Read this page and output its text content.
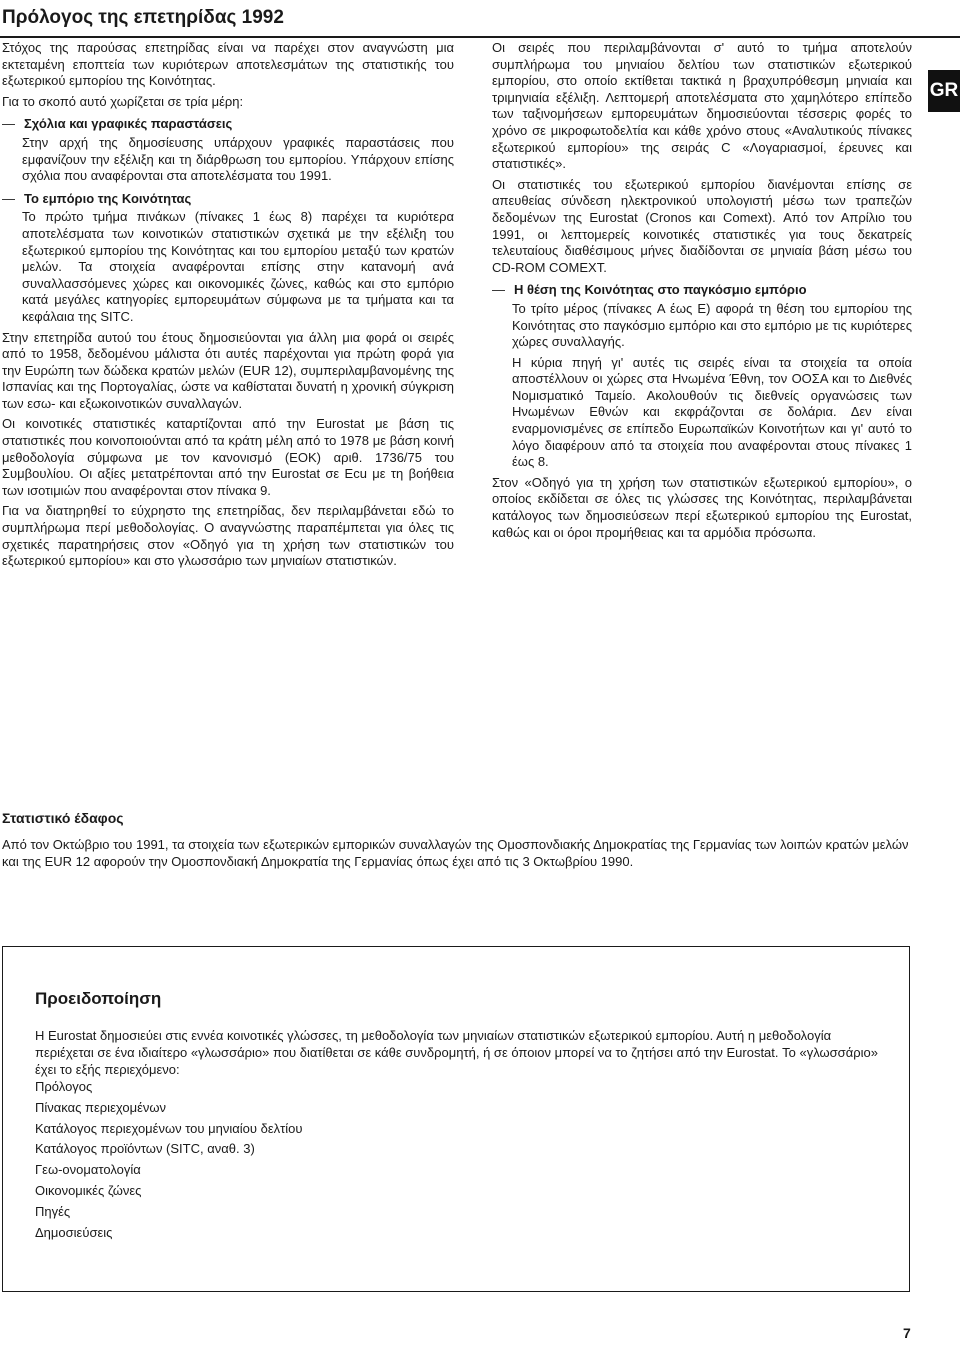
Πρόλογος της επετηρίδας 1992
GR

Στόχος της παρούσας επετηρίδας είναι να παρέχει στον αναγνώστη μια εκτεταμένη εποπτεία των κυριότερων αποτελεσμάτων της στατιστικής του εξωτερικού εμπορίου της Κοινότητας.

Για το σκοπό αυτό χωρίζεται σε τρία μέρη:

— Σχόλια και γραφικές παραστάσεις

Στην αρχή της δημοσίευσης υπάρχουν γραφικές παραστάσεις που εμφανίζουν την εξέλιξη και τη διάρθρωση του εμπορίου. Υπάρχουν επίσης σχόλια που αναφέρονται στα αποτελέσματα του 1991.

— Το εμπόριο της Κοινότητας

Το πρώτο τμήμα πινάκων (πίνακες 1 έως 8) παρέχει τα κυριότερα αποτελέσματα των κοινοτικών στατιστικών σχετικά με την εξέλιξη του εξωτερικού εμπορίου της Κοινότητας και του εμπορίου μεταξύ των κρατών μελών. Τα στοιχεία αναφέρονται επίσης στην κατανομή ανά συναλλασσόμενες χώρες και οικονομικές ζώνες, καθώς και στο εμπόριο κατά μεγάλες κατηγορίες εμπορευμάτων σύμφωνα με τα τμήματα και τα κεφάλαια της SITC.

Στην επετηρίδα αυτού του έτους δημοσιεύονται για άλλη μια φορά οι σειρές από το 1958, δεδομένου μάλιστα ότι αυτές παρέχονται για πρώτη φορά για την Ευρώπη των δώδεκα κρατών μελών (EUR 12), συμπεριλαμβανομένης της Ισπανίας και της Πορτογαλίας, ώστε να καθίσταται δυνατή η χρονική σύγκριση των εσω- και εξωκοινοτικών συναλλαγών.

Οι κοινοτικές στατιστικές καταρτίζονται από την Eurostat με βάση τις στατιστικές που κοινοποιούνται από τα κράτη μέλη από το 1978 με βάση κοινή μεθοδολογία σύμφωνα με τον κανονισμό (ΕΟΚ) αριθ. 1736/75 του Συμβουλίου. Οι αξίες μετατρέπονται από την Eurostat σε Ecu με τη βοήθεια των ισοτιμιών που αναφέρονται στον πίνακα 9.

Για να διατηρηθεί το εύχρηστο της επετηρίδας, δεν περιλαμβάνεται εδώ το συμπλήρωμα περί μεθοδολογίας. Ο αναγνώστης παραπέμπεται για όλες τις σχετικές παρατηρήσεις στον «Οδηγό για τη χρήση των στατιστικών του εξωτερικού εμπορίου» και στο γλωσσάριο των μηνιαίων στατιστικών.

Οι σειρές που περιλαμβάνονται σ' αυτό το τμήμα αποτελούν συμπλήρωμα του μηνιαίου δελτίου των στατιστικών εξωτερικού εμπορίου, στο οποίο εκτίθεται τακτικά η βραχυπρόθεσμη μηνιαία και τριμηνιαία εξέλιξη. Λεπτομερή αποτελέσματα στο χαμηλότερο επίπεδο των ταξινομήσεων εμπορευμάτων δημοσιεύονται τέσσερις φορές το χρόνο σε μικροφωτοδελτία και κάθε χρόνο στους «Αναλυτικούς πίνακες εξωτερικού εμπορίου» της σειράς C «Λογαριασμοί, έρευνες και στατιστικές».

Οι στατιστικές του εξωτερικού εμπορίου διανέμονται επίσης σε απευθείας σύνδεση ηλεκτρονικού υπολογιστή μέσω των τραπεζών δεδομένων της Eurostat (Cronos και Comext). Από τον Απρίλιο του 1991, οι λεπτομερείς κοινοτικές στατιστικές για τους δεκατρείς τελευταίους διαθέσιμους μήνες διαδίδονται σε μηνιαία βάση μέσω του CD-ROM COMEXT.

— Η θέση της Κοινότητας στο παγκόσμιο εμπόριο

Το τρίτο μέρος (πίνακες A έως E) αφορά τη θέση του εμπορίου της Κοινότητας στο παγκόσμιο εμπόριο και στο εμπόριο με τις κυριότερες χώρες συναλλαγής.

Η κύρια πηγή γι' αυτές τις σειρές είναι τα στοιχεία τα οποία αποστέλλουν οι χώρες στα Ηνωμένα Έθνη, τον ΟΟΣΑ και το Διεθνές Νομισματικό Ταμείο. Ακολουθούν τις διεθνείς οργανώσεις των Ηνωμένων Εθνών και εκφράζονται σε δολάρια. Δεν είναι εναρμονισμένες σε επίπεδο Ευρωπαϊκών Κοινοτήτων και γι' αυτό το λόγο διαφέρουν από τα στοιχεία που αναφέρονται στους πίνακες 1 έως 8.

Στον «Οδηγό για τη χρήση των στατιστικών εξωτερικού εμπορίου», ο οποίος εκδίδεται σε όλες τις γλώσσες της Κοινότητας, περιλαμβάνεται κατάλογος των δημοσιεύσεων περί εξωτερικού εμπορίου της Eurostat, καθώς και οι όροι προμήθειας και τα αρμόδια πρόσωπα.

Στατιστικό έδαφος

Από τον Οκτώβριο του 1991, τα στοιχεία των εξωτερικών εμπορικών συναλλαγών της Ομοσπονδιακής Δημοκρατίας της Γερμανίας των λοιπών κρατών μελών και της EUR 12 αφορούν την Ομοσπονδιακή Δημοκρατία της Γερμανίας όπως έχει από τις 3 Οκτωβρίου 1990.

Προειδοποίηση

Η Eurostat δημοσιεύει στις εννέα κοινοτικές γλώσσες, τη μεθοδολογία των μηνιαίων στατιστικών εξωτερικού εμπορίου. Αυτή η μεθοδολογία περιέχεται σε ένα ιδιαίτερο «γλωσσάριο» που διατίθεται σε κάθε συνδρομητή, ή σε όποιον μπορεί να το ζητήσει από την Eurostat. Το «γλωσσάριο» έχει το εξής περιεχόμενο:

Πρόλογος
Πίνακας περιεχομένων
Κατάλογος περιεχομένων του μηνιαίου δελτίου
Κατάλογος προϊόντων (SITC, αναθ. 3)
Γεω-ονοματολογία
Οικονομικές ζώνες
Πηγές
Δημοσιεύσεις
7
